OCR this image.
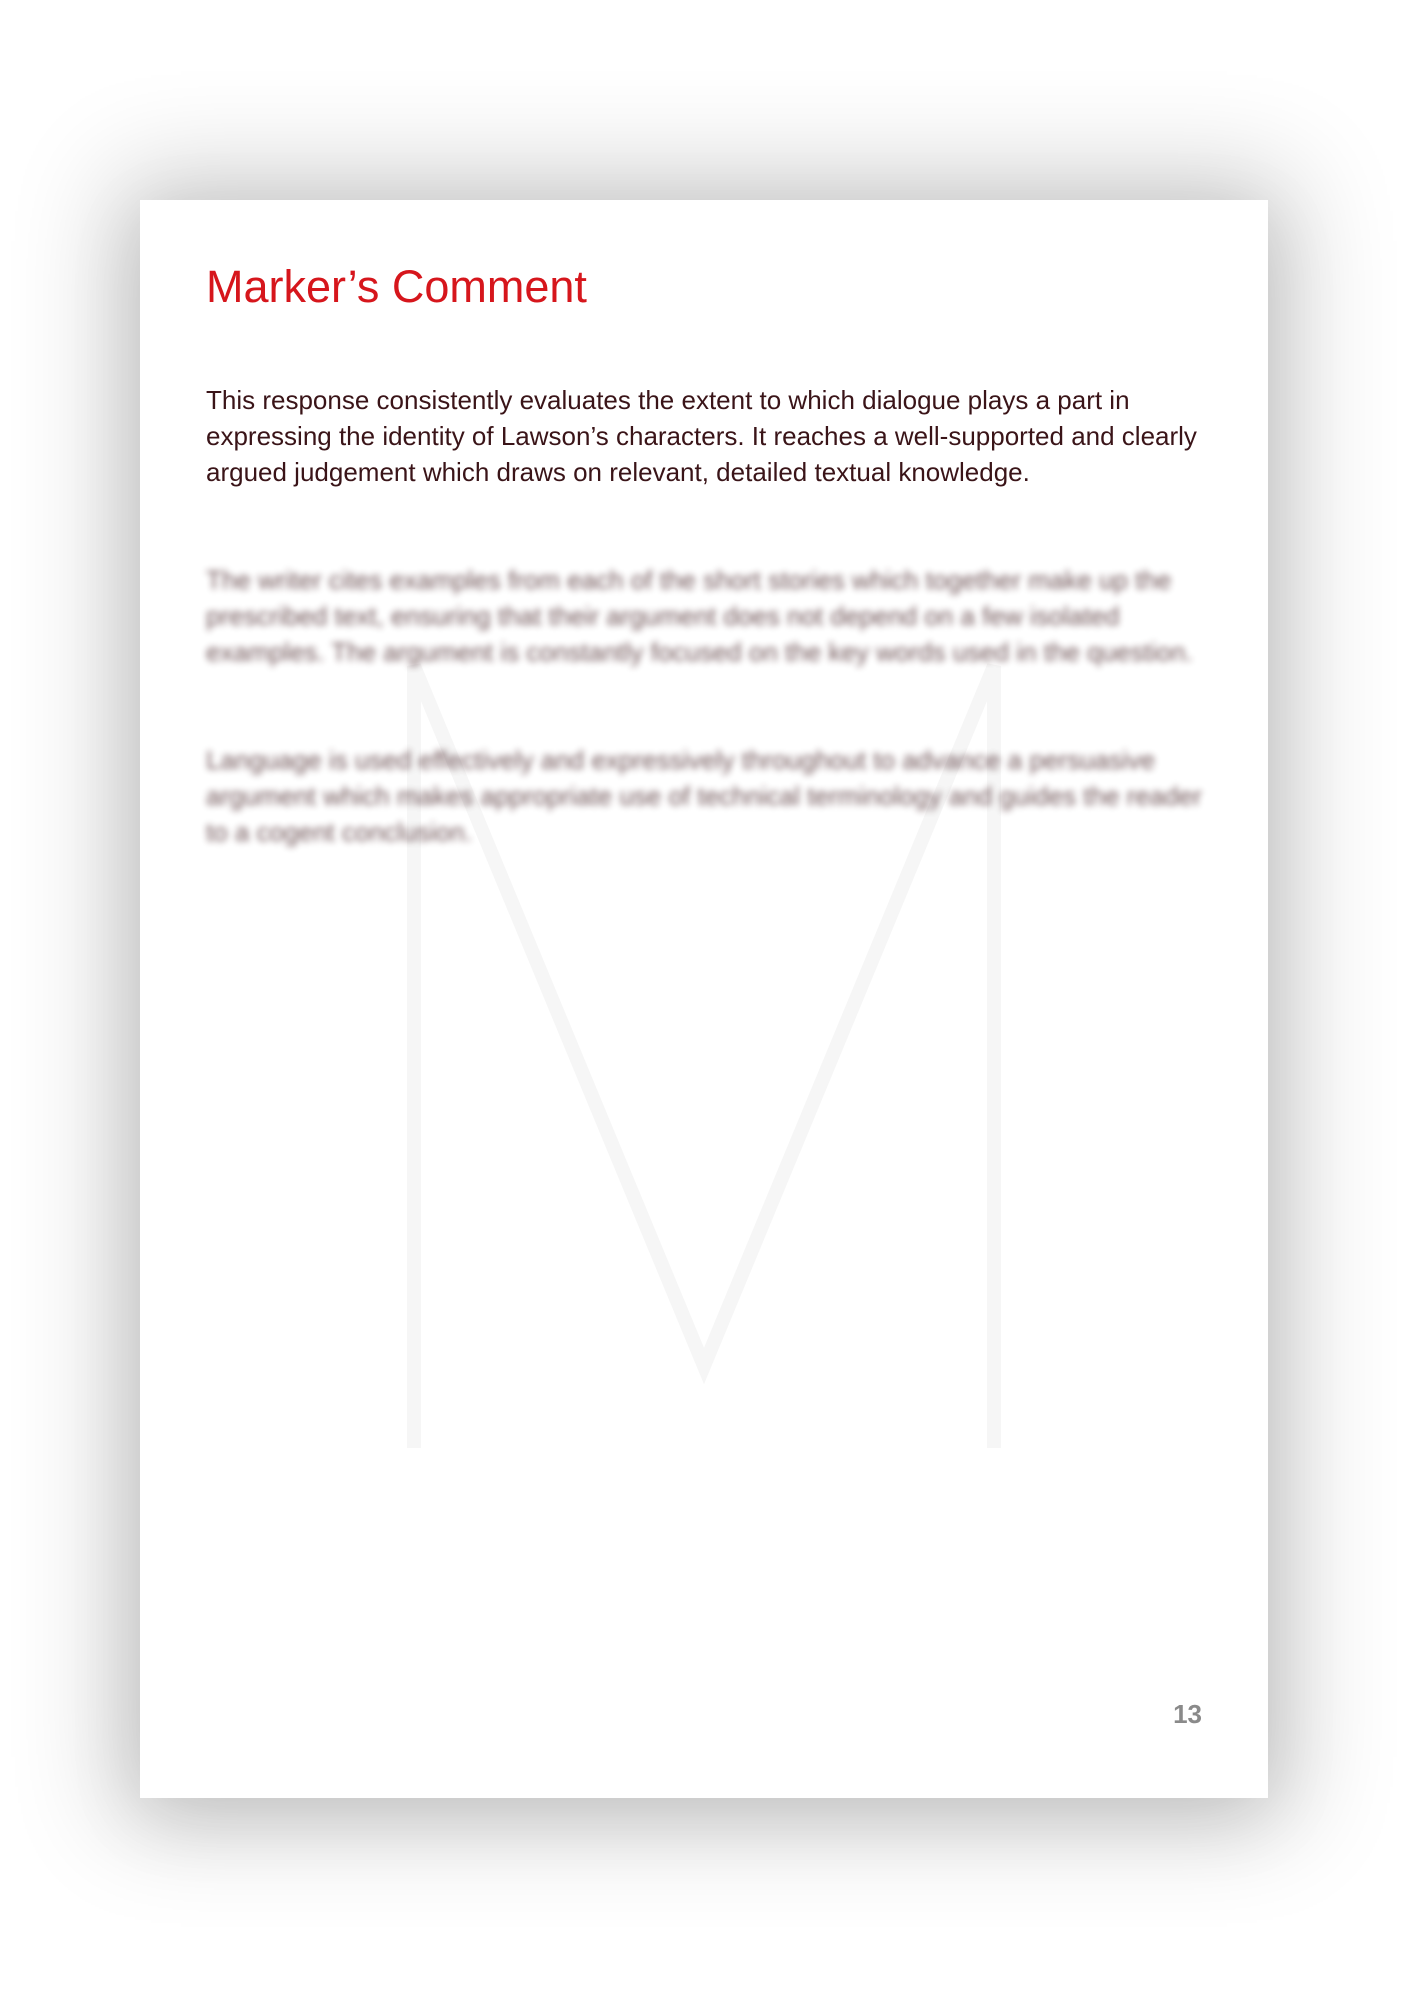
Marker’s Comment

This response consistently evaluates the extent to which dialogue plays a part in expressing the identity of Lawson’s characters. It reaches a well-supported and clearly argued judgement which draws on relevant, detailed textual knowledge.

The writer cites examples from each of the short stories which together make up the prescribed text, ensuring that their argument does not depend on a few isolated examples. The argument is constantly focused on the key words used in the question.

Language is used effectively and expressively throughout to advance a persuasive argument which makes appropriate use of technical terminology and guides the reader to a cogent conclusion.

13
